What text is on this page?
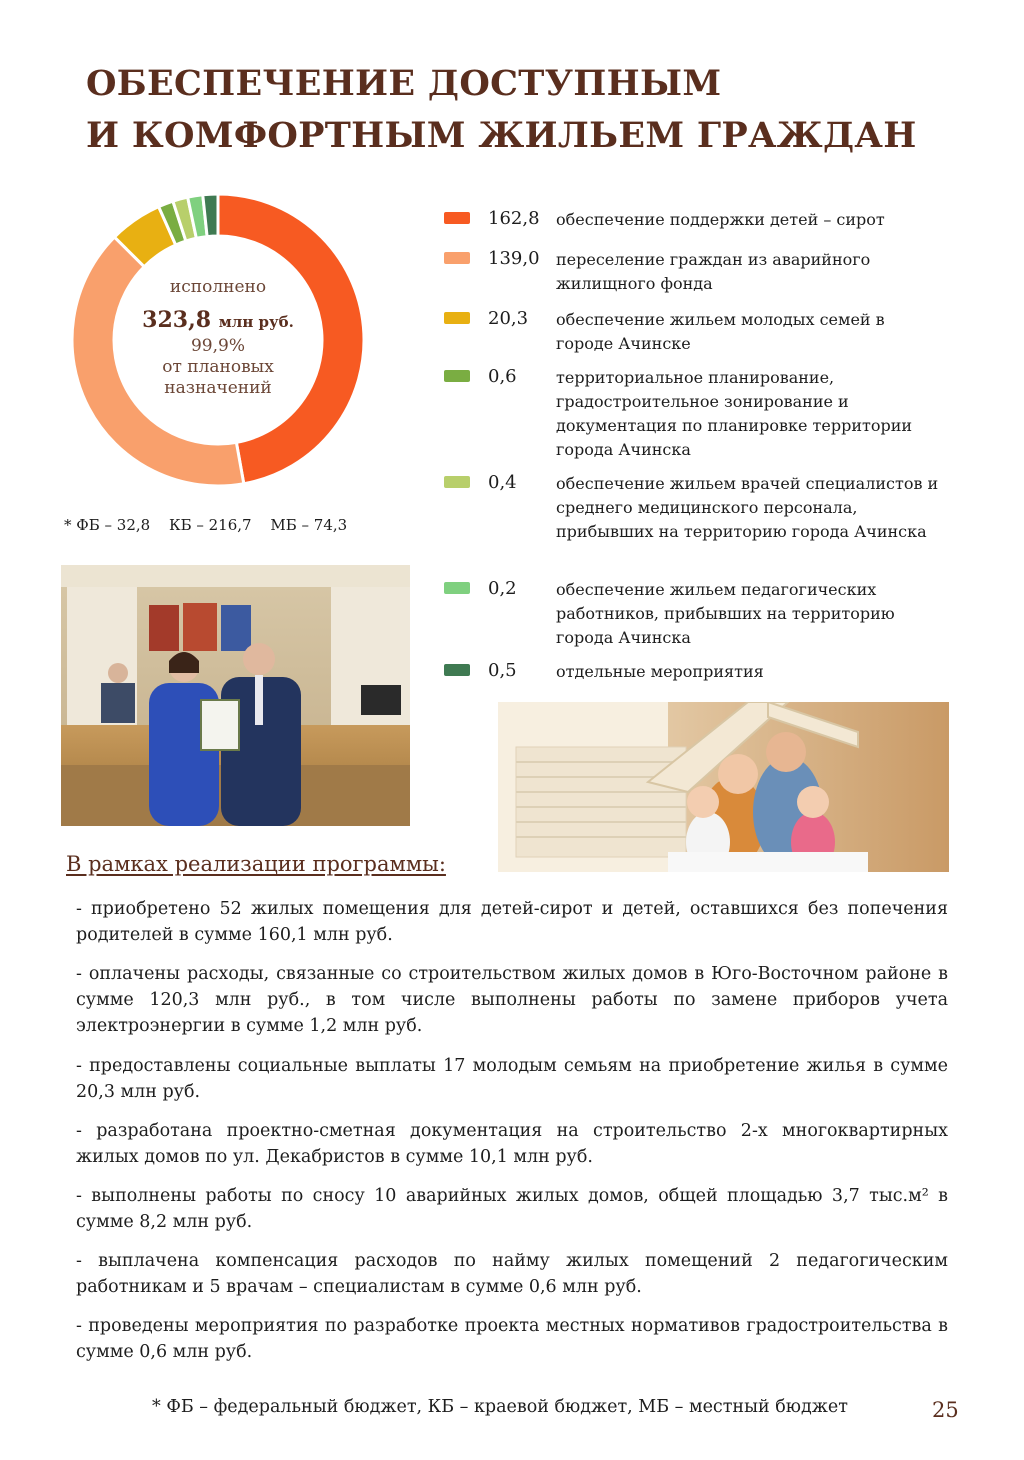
ОБЕСПЕЧЕНИЕ ДОСТУПНЫМ
И КОМФОРТНЫМ ЖИЛЬЕМ ГРАЖДАН
исполнено
323,8 млн руб.
99,9%
от плановых
назначений
* ФБ – 32,8 КБ – 216,7 МБ – 74,3
162,8 обеспечение поддержки детей – сирот
139,0 переселение граждан из аварийного жилищного фонда
20,3 обеспечение жильем молодых семей в городе Ачинске
0,6 территориальное планирование, градостроительное зонирование и документация по планировке территории города Ачинска
0,4 обеспечение жильем врачей специалистов и среднего медицинского персонала, прибывших на территорию города Ачинска
0,2 обеспечение жильем педагогических работников, прибывших на территорию города Ачинска
0,5 отдельные мероприятия
В рамках реализации программы:
- приобретено 52 жилых помещения для детей-сирот и детей, оставшихся без попечения родителей в сумме 160,1 млн руб.
- оплачены расходы, связанные со строительством жилых домов в Юго-Восточном районе в сумме 120,3 млн руб., в том числе выполнены работы по замене приборов учета электроэнергии в сумме 1,2 млн руб.
- предоставлены социальные выплаты 17 молодым семьям на приобретение жилья в сумме 20,3 млн руб.
- разработана проектно-сметная документация на строительство 2-х многоквартирных жилых домов по ул. Декабристов в сумме 10,1 млн руб.
- выполнены работы по сносу 10 аварийных жилых домов, общей площадью 3,7 тыс.м² в сумме 8,2 млн руб.
- выплачена компенсация расходов по найму жилых помещений 2 педагогическим работникам и 5 врачам – специалистам в сумме 0,6 млн руб.
- проведены мероприятия по разработке проекта местных нормативов градостроительства в сумме 0,6 млн руб.
* ФБ – федеральный бюджет, КБ – краевой бюджет, МБ – местный бюджет	25
